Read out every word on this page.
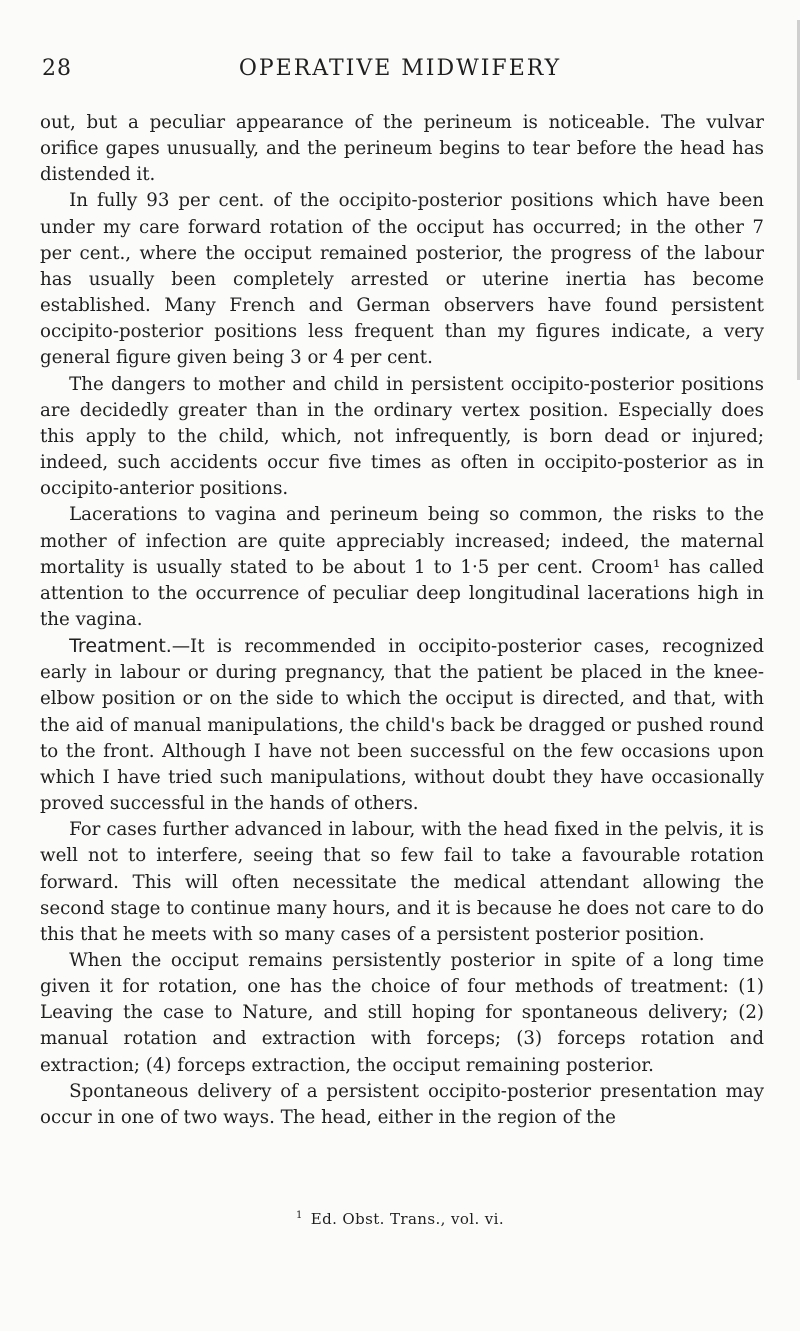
28	OPERATIVE MIDWIFERY

out, but a peculiar appearance of the perineum is noticeable. The vulvar orifice gapes unusually, and the perineum begins to tear before the head has distended it.

In fully 93 per cent. of the occipito-posterior positions which have been under my care forward rotation of the occiput has occurred; in the other 7 per cent., where the occiput remained posterior, the progress of the labour has usually been completely arrested or uterine inertia has become established. Many French and German observers have found persistent occipito-posterior positions less frequent than my figures indicate, a very general figure given being 3 or 4 per cent.

The dangers to mother and child in persistent occipito-posterior positions are decidedly greater than in the ordinary vertex position. Especially does this apply to the child, which, not infrequently, is born dead or injured; indeed, such accidents occur five times as often in occipito-posterior as in occipito-anterior positions.

Lacerations to vagina and perineum being so common, the risks to the mother of infection are quite appreciably increased; indeed, the maternal mortality is usually stated to be about 1 to 1·5 per cent. Croom¹ has called attention to the occurrence of peculiar deep longitudinal lacerations high in the vagina.

Treatment.—It is recommended in occipito-posterior cases, recognized early in labour or during pregnancy, that the patient be placed in the knee-elbow position or on the side to which the occiput is directed, and that, with the aid of manual manipulations, the child's back be dragged or pushed round to the front. Although I have not been successful on the few occasions upon which I have tried such manipulations, without doubt they have occasionally proved successful in the hands of others.

For cases further advanced in labour, with the head fixed in the pelvis, it is well not to interfere, seeing that so few fail to take a favourable rotation forward. This will often necessitate the medical attendant allowing the second stage to continue many hours, and it is because he does not care to do this that he meets with so many cases of a persistent posterior position.

When the occiput remains persistently posterior in spite of a long time given it for rotation, one has the choice of four methods of treatment: (1) Leaving the case to Nature, and still hoping for spontaneous delivery; (2) manual rotation and extraction with forceps; (3) forceps rotation and extraction; (4) forceps extraction, the occiput remaining posterior.

Spontaneous delivery of a persistent occipito-posterior presentation may occur in one of two ways. The head, either in the region of the

$^1$ Ed. Obst. Trans., vol. vi.
